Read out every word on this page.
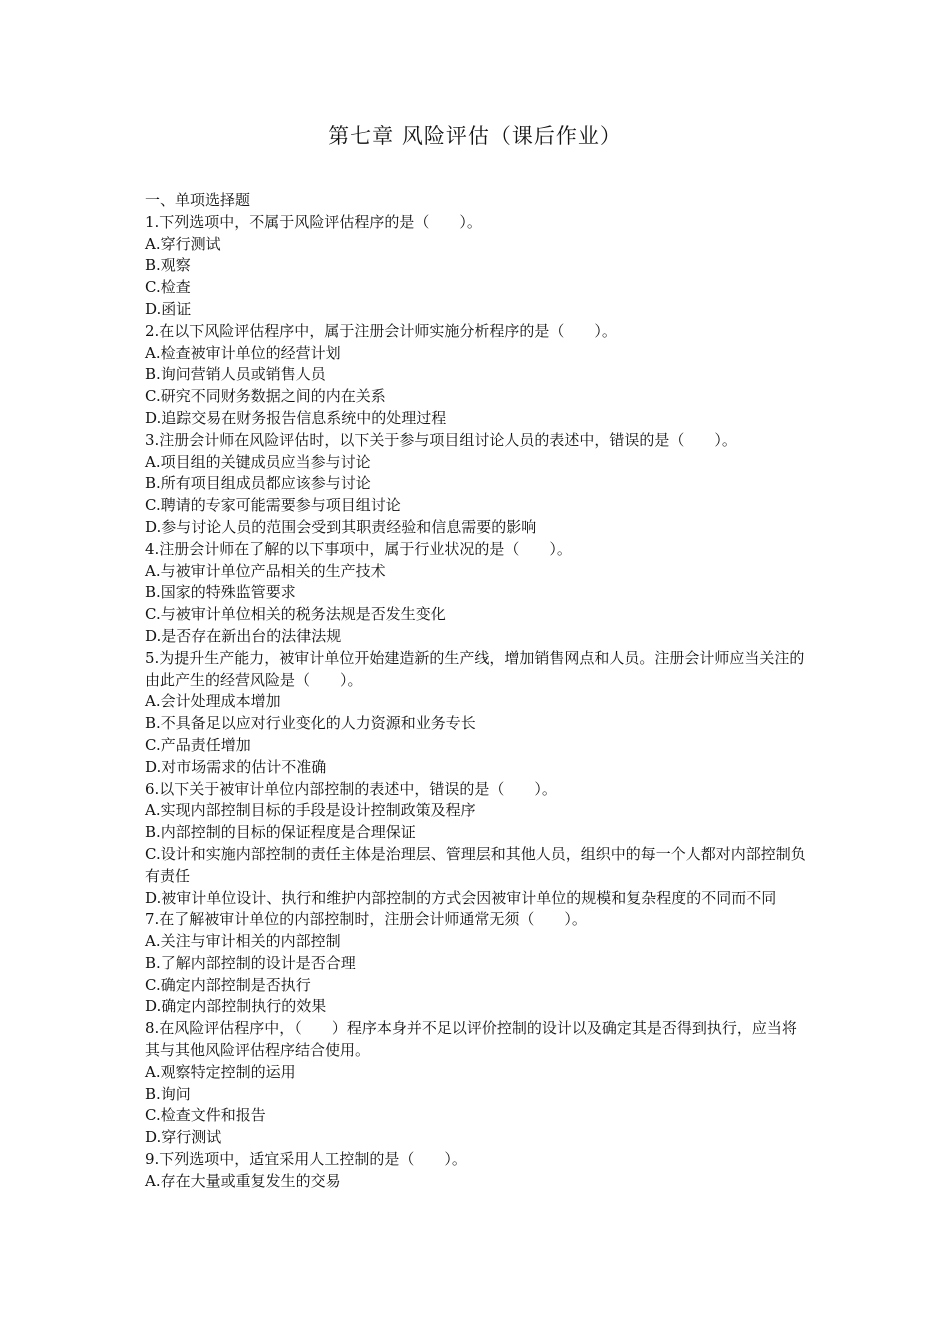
第七章 风险评估（课后作业）
一、单项选择题
1.下列选项中，不属于风险评估程序的是（　　）。
A.穿行测试
B.观察
C.检查
D.函证
2.在以下风险评估程序中，属于注册会计师实施分析程序的是（　　）。
A.检查被审计单位的经营计划
B.询问营销人员或销售人员
C.研究不同财务数据之间的内在关系
D.追踪交易在财务报告信息系统中的处理过程
3.注册会计师在风险评估时，以下关于参与项目组讨论人员的表述中，错误的是（　　）。
A.项目组的关键成员应当参与讨论
B.所有项目组成员都应该参与讨论
C.聘请的专家可能需要参与项目组讨论
D.参与讨论人员的范围会受到其职责经验和信息需要的影响
4.注册会计师在了解的以下事项中，属于行业状况的是（　　）。
A.与被审计单位产品相关的生产技术
B.国家的特殊监管要求
C.与被审计单位相关的税务法规是否发生变化
D.是否存在新出台的法律法规
5.为提升生产能力，被审计单位开始建造新的生产线，增加销售网点和人员。注册会计师应当关注的由此产生的经营风险是（　　）。
A.会计处理成本增加
B.不具备足以应对行业变化的人力资源和业务专长
C.产品责任增加
D.对市场需求的估计不准确
6.以下关于被审计单位内部控制的表述中，错误的是（　　）。
A.实现内部控制目标的手段是设计控制政策及程序
B.内部控制的目标的保证程度是合理保证
C.设计和实施内部控制的责任主体是治理层、管理层和其他人员，组织中的每一个人都对内部控制负有责任
D.被审计单位设计、执行和维护内部控制的方式会因被审计单位的规模和复杂程度的不同而不同
7.在了解被审计单位的内部控制时，注册会计师通常无须（　　）。
A.关注与审计相关的内部控制
B.了解内部控制的设计是否合理
C.确定内部控制是否执行
D.确定内部控制执行的效果
8.在风险评估程序中，（　　）程序本身并不足以评价控制的设计以及确定其是否得到执行，应当将其与其他风险评估程序结合使用。
A.观察特定控制的运用
B.询问
C.检查文件和报告
D.穿行测试
9.下列选项中，适宜采用人工控制的是（　　）。
A.存在大量或重复发生的交易
